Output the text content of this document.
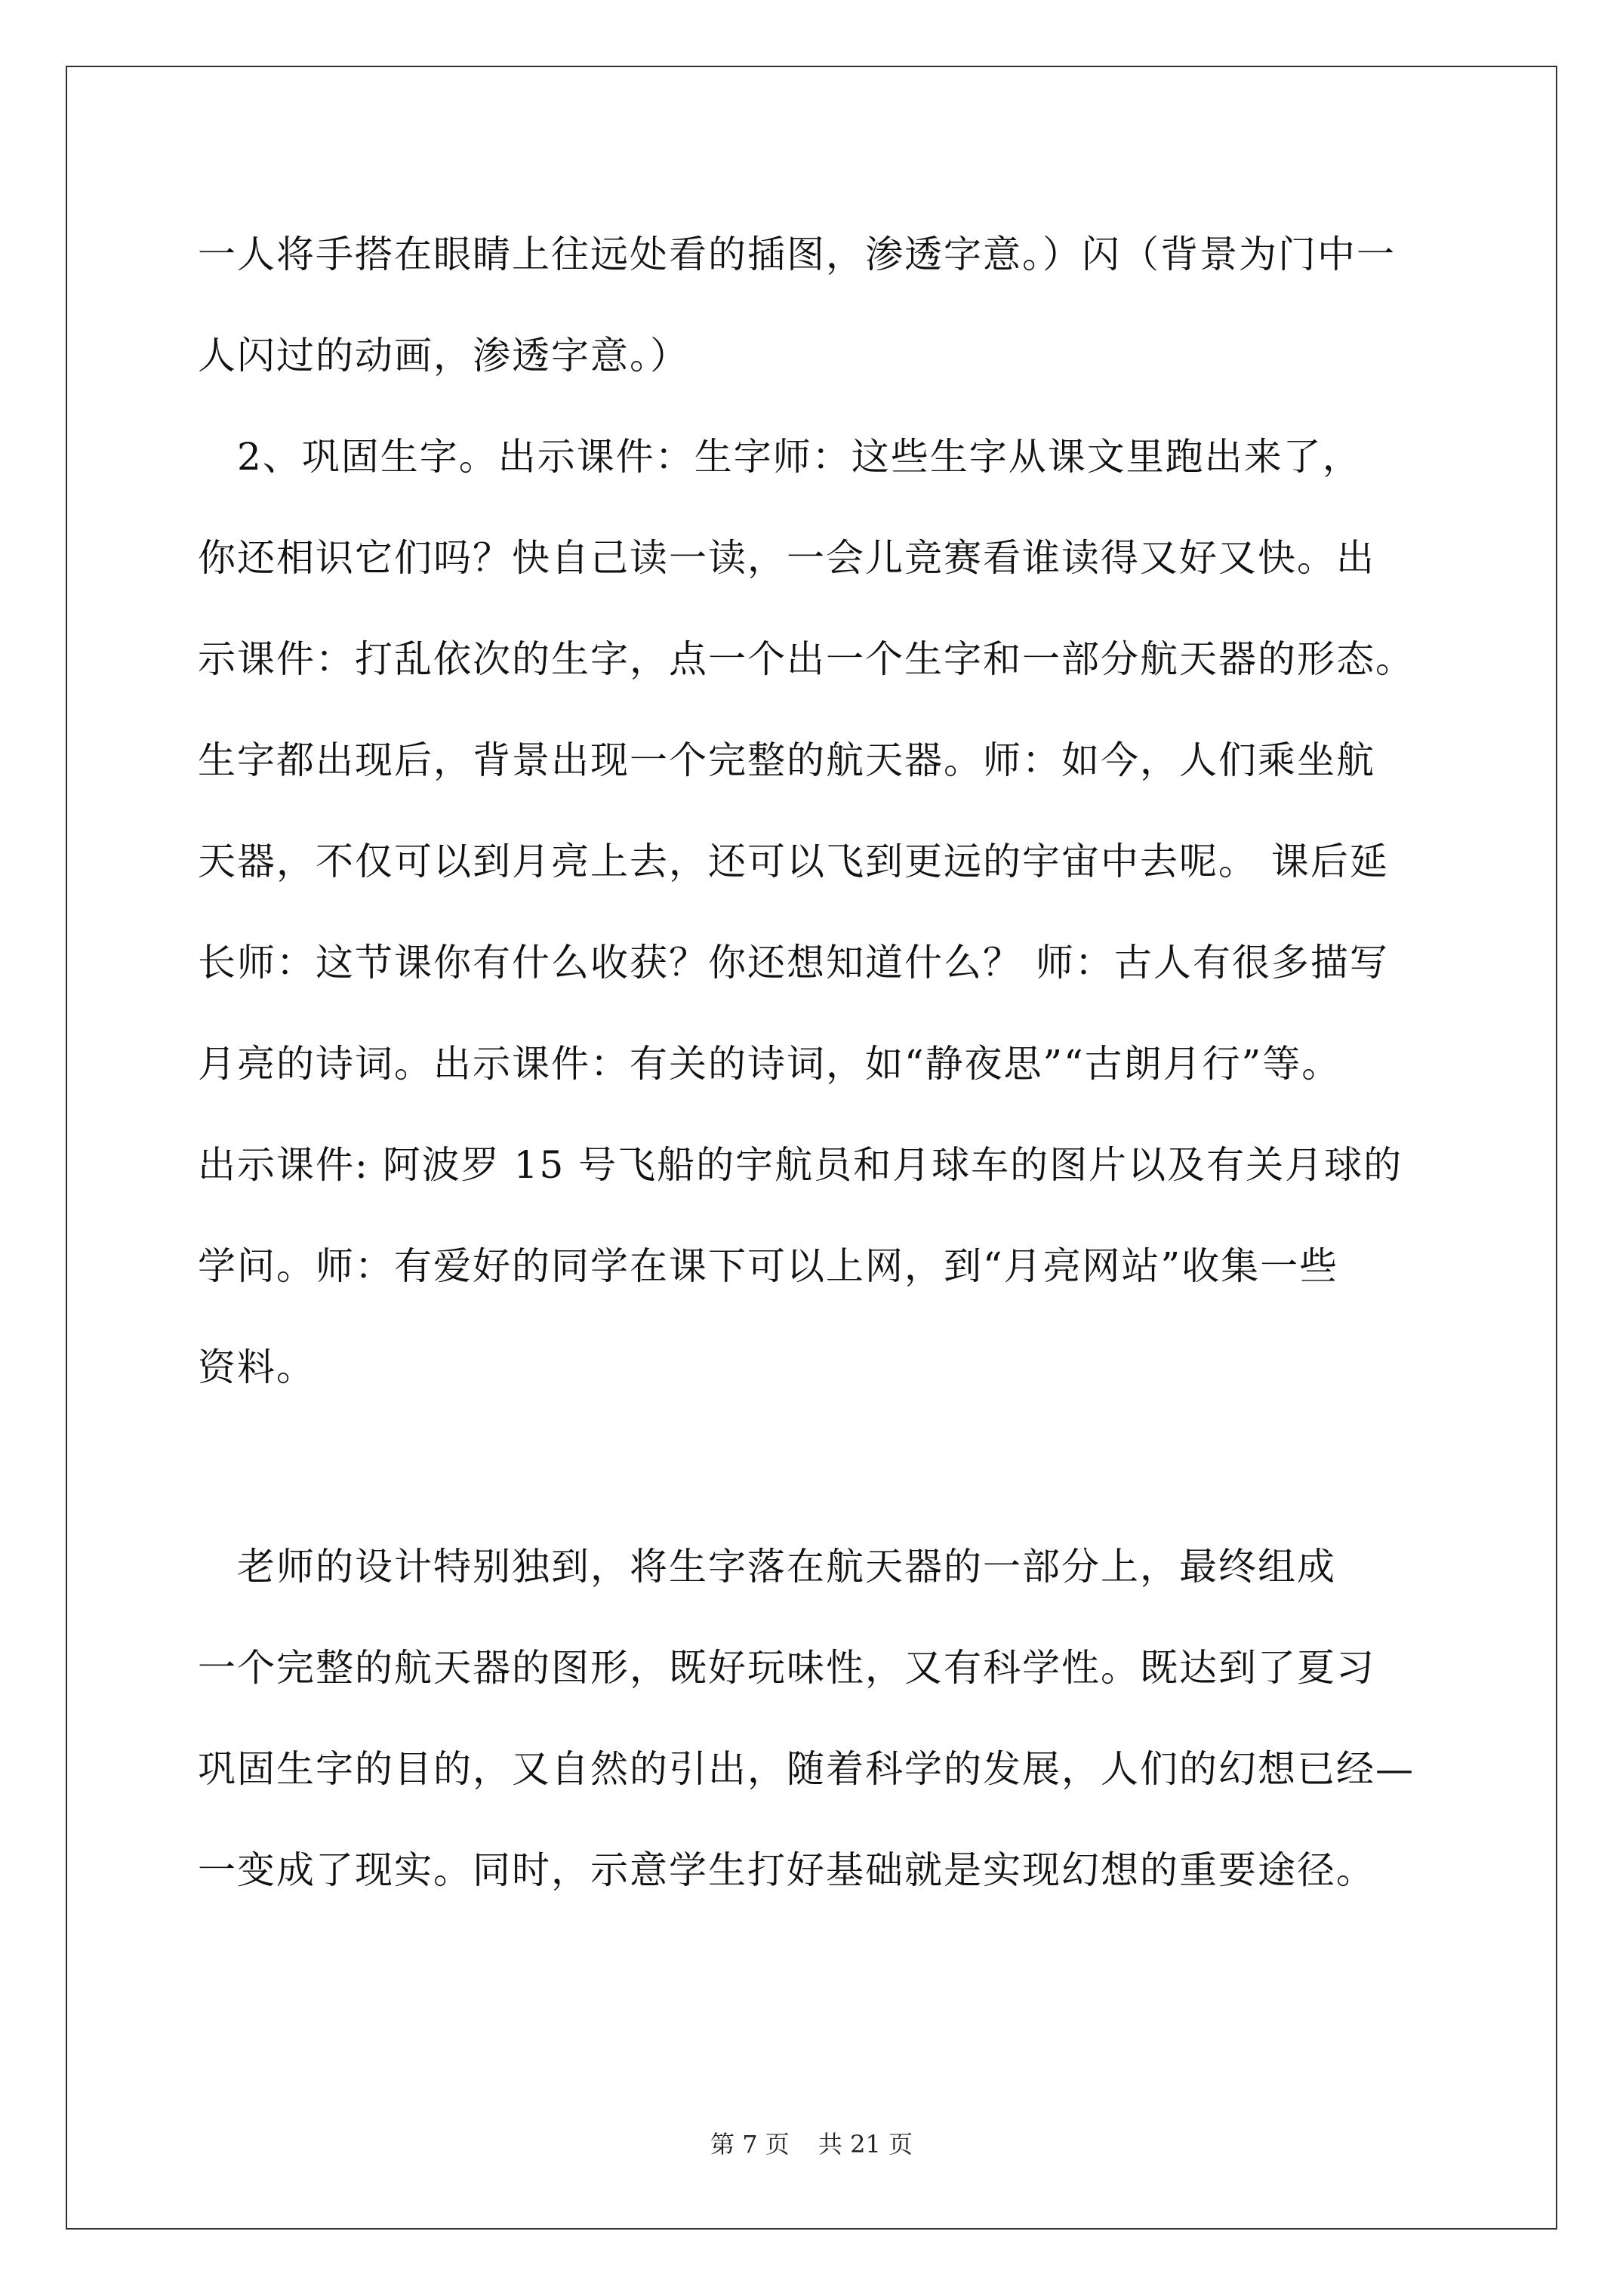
一人将手搭在眼睛上往远处看的插图，渗透字意。）闪（背景为门中一
人闪过的动画，渗透字意。）
　2、巩固生字。出示课件：生字师：这些生字从课文里跑出来了，
你还相识它们吗？快自己读一读，一会儿竞赛看谁读得又好又快。出
示课件：打乱依次的生字，点一个出一个生字和一部分航天器的形态。
生字都出现后，背景出现一个完整的航天器。师：如今，人们乘坐航
天器，不仅可以到月亮上去，还可以飞到更远的宇宙中去呢。 课后延
长师：这节课你有什么收获？你还想知道什么？ 师：古人有很多描写
月亮的诗词。出示课件：有关的诗词，如“静夜思”“古朗月行”等。
出示课件: 阿波罗 15 号飞船的宇航员和月球车的图片以及有关月球的
学问。师：有爱好的同学在课下可以上网，到“月亮网站”收集一些
资料。
　老师的设计特别独到，将生字落在航天器的一部分上，最终组成
一个完整的航天器的图形，既好玩味性，又有科学性。既达到了夏习
巩固生字的目的，又自然的引出，随着科学的发展，人们的幻想已经—
一变成了现实。同时，示意学生打好基础就是实现幻想的重要途径。
第 7 页 共 21 页
